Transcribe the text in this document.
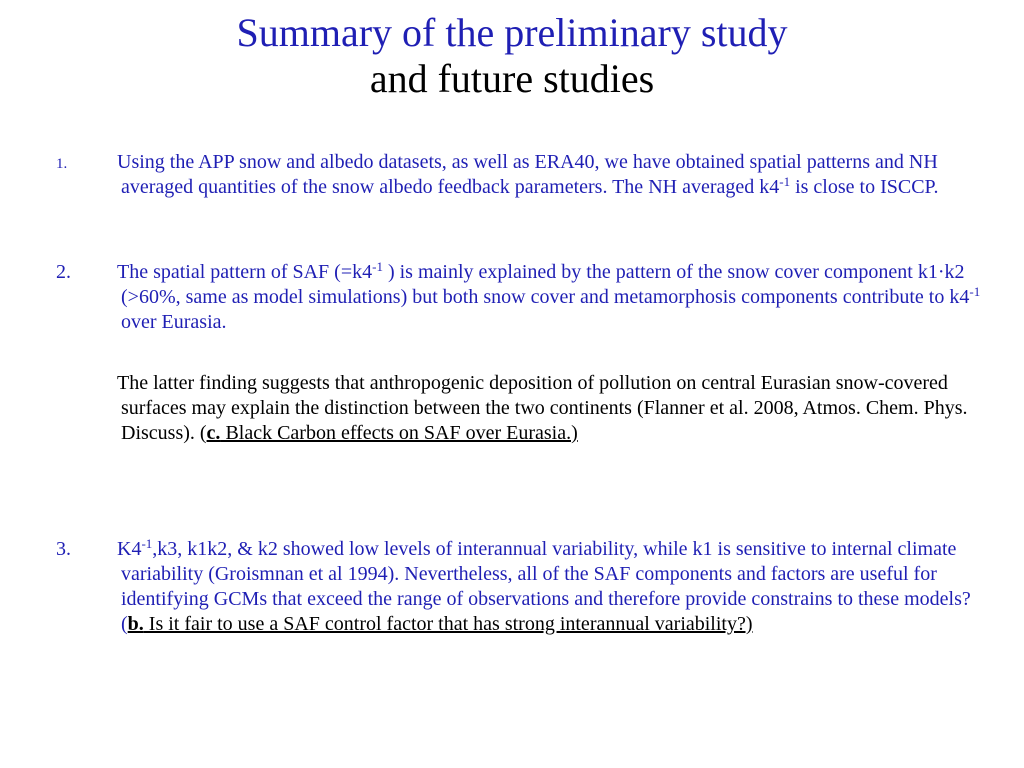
Summary of the preliminary study
and future studies
1.	Using the APP snow and albedo datasets, as well as ERA40, we have obtained spatial patterns and NH averaged quantities of the snow albedo feedback parameters. The NH averaged $k4^{-1}$ is close to ISCCP.
2.	The spatial pattern of SAF ($=k4^{-1}$ ) is mainly explained by the pattern of the snow cover component k1·k2 (>60%, same as model simulations) but both snow cover and metamorphosis components contribute to $k4^{-1}$ over Eurasia.
The latter finding suggests that anthropogenic deposition of pollution on central Eurasian snow-covered surfaces may explain the distinction between the two continents (Flanner et al. 2008, Atmos. Chem. Phys. Discuss). (c. Black Carbon effects on SAF over Eurasia.)
3.	$K4^{-1},k3$, k1k2, & k2 showed low levels of interannual variability, while k1 is sensitive to internal climate variability (Groismnan et al 1994). Nevertheless, all of the SAF components and factors are useful for identifying GCMs that exceed the range of observations and therefore provide constrains to these models? (b. Is it fair to use a SAF control factor that has strong interannual variability?)
